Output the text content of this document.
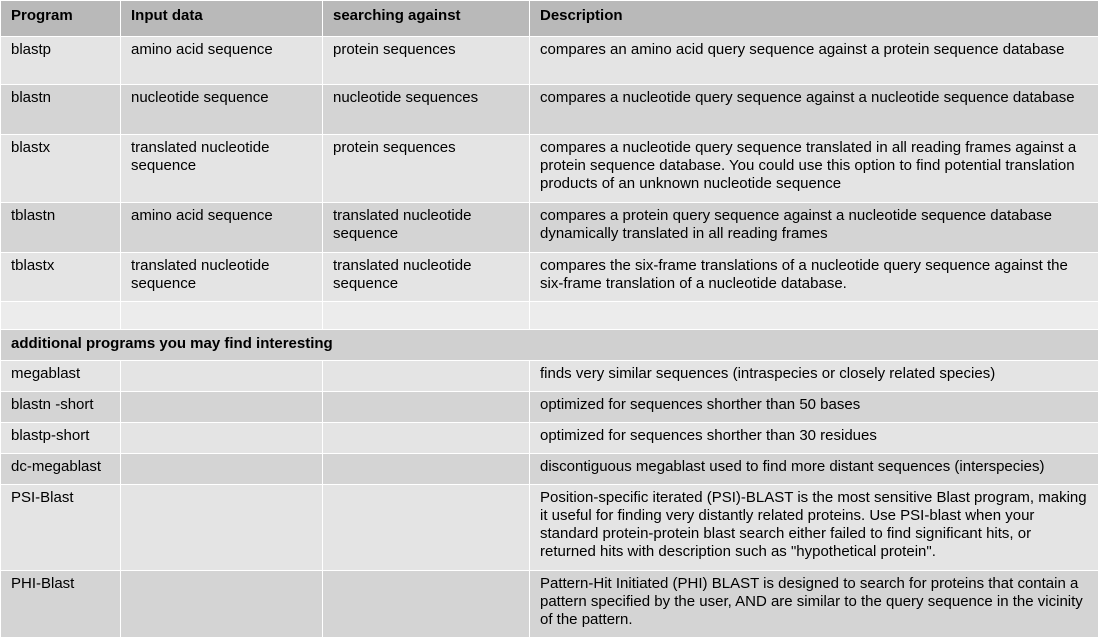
Program	Input data	searching against	Description
blastp	amino acid sequence	protein sequences	compares an amino acid query sequence against a protein sequence database
blastn	nucleotide sequence	nucleotide sequences	compares a nucleotide query sequence against a nucleotide sequence database
blastx	translated nucleotide sequence	protein sequences	compares a nucleotide query sequence translated in all reading frames against a protein sequence database. You could use this option to find potential translation products of an unknown nucleotide sequence
tblastn	amino acid sequence	translated nucleotide sequence	compares a protein query sequence against a nucleotide sequence database dynamically translated in all reading frames
tblastx	translated nucleotide sequence	translated nucleotide sequence	compares the six-frame translations of a nucleotide query sequence against the six-frame translation of a nucleotide database.

additional programs you may find interesting			
megablast			finds very similar sequences (intraspecies or closely related species)
blastn -short			optimized for sequences shorther than 50 bases
blastp-short			optimized for sequences shorther than 30 residues
dc-megablast			discontiguous megablast used to find more distant sequences (interspecies)
PSI-Blast			Position-specific iterated (PSI)-BLAST is the most sensitive Blast program, making it useful for finding very distantly related proteins. Use PSI-blast when your standard protein-protein blast search either failed to find significant hits, or returned hits with description such as "hypothetical protein".
PHI-Blast			Pattern-Hit Initiated (PHI) BLAST is designed to search for proteins that contain a pattern specified by the user, AND are similar to the query sequence in the vicinity of the pattern.
